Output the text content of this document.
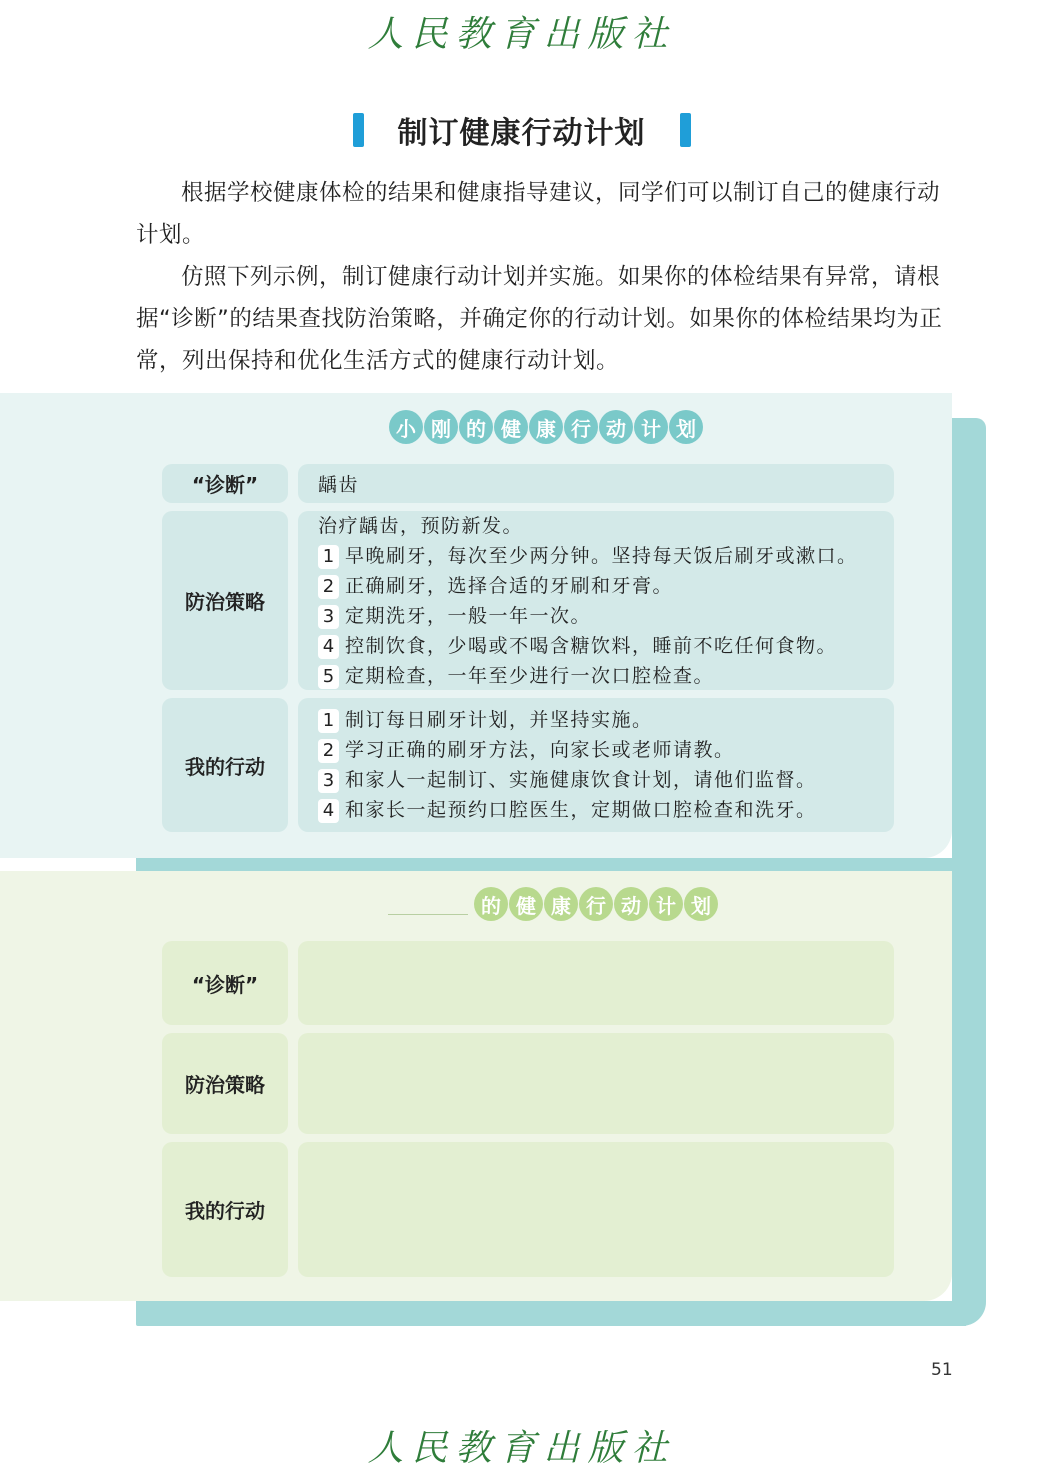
人民教育出版社
制订健康行动计划

根据学校健康体检的结果和健康指导建议，同学们可以制订自己的健康行动计划。

仿照下列示例，制订健康行动计划并实施。如果你的体检结果有异常，请根据“诊断”的结果查找防治策略，并确定你的行动计划。如果你的体检结果均为正常，列出保持和优化生活方式的健康行动计划。

小 刚 的 健 康 行 动 计 划
“诊断”	龋齿
防治策略
治疗龋齿，预防新发。
1 早晚刷牙，每次至少两分钟。坚持每天饭后刷牙或漱口。
2 正确刷牙，选择合适的牙刷和牙膏。
3 定期洗牙，一般一年一次。
4 控制饮食，少喝或不喝含糖饮料，睡前不吃任何食物。
5 定期检查，一年至少进行一次口腔检查。
我的行动
1 制订每日刷牙计划，并坚持实施。
2 学习正确的刷牙方法，向家长或老师请教。
3 和家人一起制订、实施健康饮食计划，请他们监督。
4 和家长一起预约口腔医生，定期做口腔检查和洗牙。
的 健 康 行 动 计 划
“诊断”
防治策略
我的行动
51
人民教育出版社
